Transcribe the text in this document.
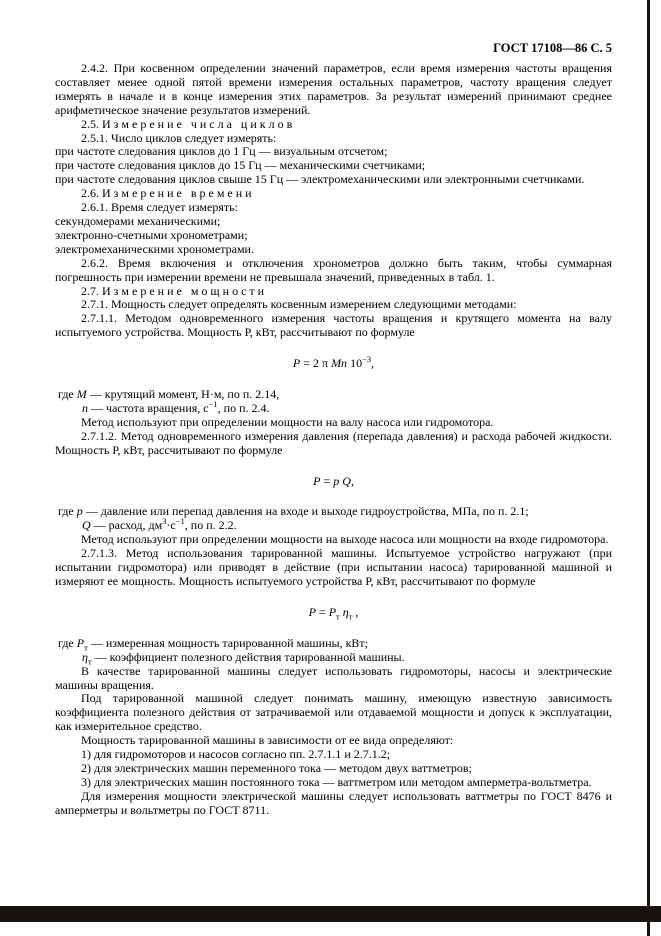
ГОСТ 17108—86 С. 5
2.4.2. При косвенном определении значений параметров, если время измерения частоты вращения составляет менее одной пятой времени измерения остальных параметров, частоту вращения следует измерять в начале и в конце измерения этих параметров. За результат измерений принимают среднее арифметическое значение результатов измерений.
2.5. И з м е р е н и е   ч и с л а   ц и к л о в
2.5.1. Число циклов следует измерять:
при частоте следования циклов до 1 Гц — визуальным отсчетом;
при частоте следования циклов до 15 Гц — механическими счетчиками;
при частоте следования циклов свыше 15 Гц — электромеханическими или электронными счетчиками.
2.6. И з м е р е н и е   в р е м е н и
2.6.1. Время следует измерять:
секундомерами механическими;
электронно-счетными хронометрами;
электромеханическими хронометрами.
2.6.2. Время включения и отключения хронометров должно быть таким, чтобы суммарная погрешность при измерении времени не превышала значений, приведенных в табл. 1.
2.7. И з м е р е н и е   м о щ н о с т и
2.7.1. Мощность следует определять косвенным измерением следующими методами:
2.7.1.1. Методом одновременного измерения частоты вращения и крутящего момента на валу испытуемого устройства. Мощность Р, кВт, рассчитывают по формуле
P = 2 π Mn $10^{-3}$,
где M — крутящий момент, Н·м, по п. 2.14,
n — частота вращения, $с^{-1}$, по п. 2.4.
Метод используют при определении мощности на валу насоса или гидромотора.
2.7.1.2. Метод одновременного измерения давления (перепада давления) и расхода рабочей жидкости. Мощность Р, кВт, рассчитывают по формуле
P = p Q,
где p — давление или перепад давления на входе и выходе гидроустройства, МПа, по п. 2.1;
Q — расход, $дм^3\cdot с^{-1}$, по п. 2.2.
Метод используют при определении мощности на выходе насоса или мощности на входе гидромотора.
2.7.1.3. Метод использования тарированной машины. Испытуемое устройство нагружают (при испытании гидромотора) или приводят в действие (при испытании насоса) тарированной машиной и измеряют ее мощность. Мощность испытуемого устройства Р, кВт, рассчитывают по формуле
$P = P_т$ $\eta_т$ ,
где $P_т$ — измеренная мощность тарированной машины, кВт;
$\eta_т$ — коэффициент полезного действия тарированной машины.
В качестве тарированной машины следует использовать гидромоторы, насосы и электрические машины вращения.
Под тарированной машиной следует понимать машину, имеющую известную зависимость коэффициента полезного действия от затрачиваемой или отдаваемой мощности и допуск к эксплуатации, как измерительное средство.
Мощность тарированной машины в зависимости от ее вида определяют:
1) для гидромоторов и насосов согласно пп. 2.7.1.1 и 2.7.1.2;
2) для электрических машин переменного тока — методом двух ваттметров;
3) для электрических машин постоянного тока — ваттметром или методом амперметра-вольтметра.
Для измерения мощности электрической машины следует использовать ваттметры по ГОСТ 8476 и амперметры и вольтметры по ГОСТ 8711.
